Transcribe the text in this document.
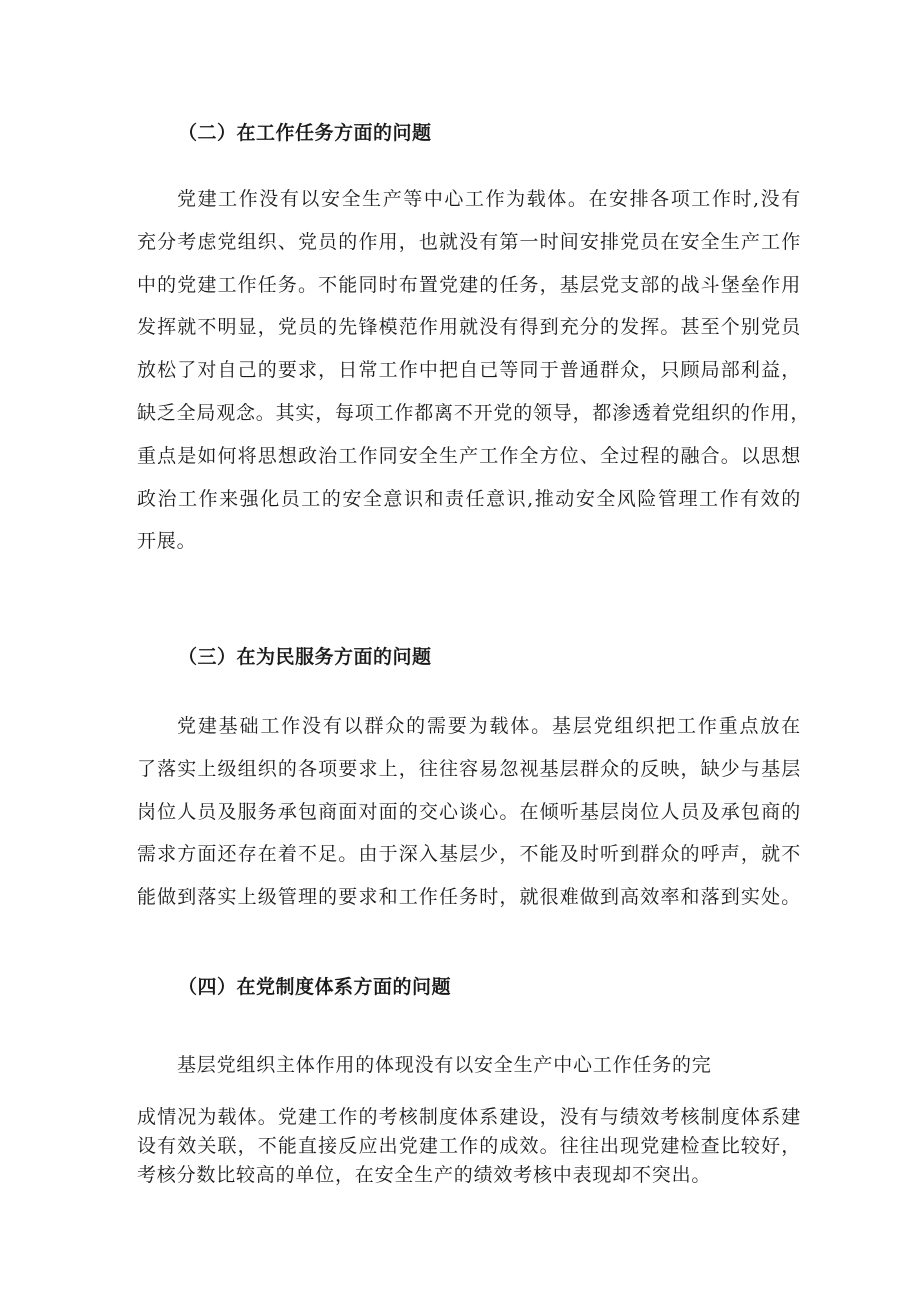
（二）在工作任务方面的问题

党建工作没有以安全生产等中心工作为载体。在安排各项工作时,没有
充分考虑党组织、党员的作用，也就没有第一时间安排党员在安全生产工作
中的党建工作任务。不能同时布置党建的任务，基层党支部的战斗堡垒作用
发挥就不明显，党员的先锋模范作用就没有得到充分的发挥。甚至个别党员
放松了对自己的要求，日常工作中把自已等同于普通群众，只顾局部利益，
缺乏全局观念。其实，每项工作都离不开党的领导，都渗透着党组织的作用，
重点是如何将思想政治工作同安全生产工作全方位、全过程的融合。以思想
政治工作来强化员工的安全意识和责任意识,推动安全风险管理工作有效的
开展。

（三）在为民服务方面的问题

党建基础工作没有以群众的需要为载体。基层党组织把工作重点放在
了落实上级组织的各项要求上，往往容易忽视基层群众的反映，缺少与基层
岗位人员及服务承包商面对面的交心谈心。在倾听基层岗位人员及承包商的
需求方面还存在着不足。由于深入基层少，不能及时听到群众的呼声，就不
能做到落实上级管理的要求和工作任务时，就很难做到高效率和落到实处。

（四）在党制度体系方面的问题

基层党组织主体作用的体现没有以安全生产中心工作任务的完

成情况为载体。党建工作的考核制度体系建设，没有与绩效考核制度体系建
设有效关联，不能直接反应出党建工作的成效。往往出现党建检查比较好，
考核分数比较高的单位，在安全生产的绩效考核中表现却不突出。
